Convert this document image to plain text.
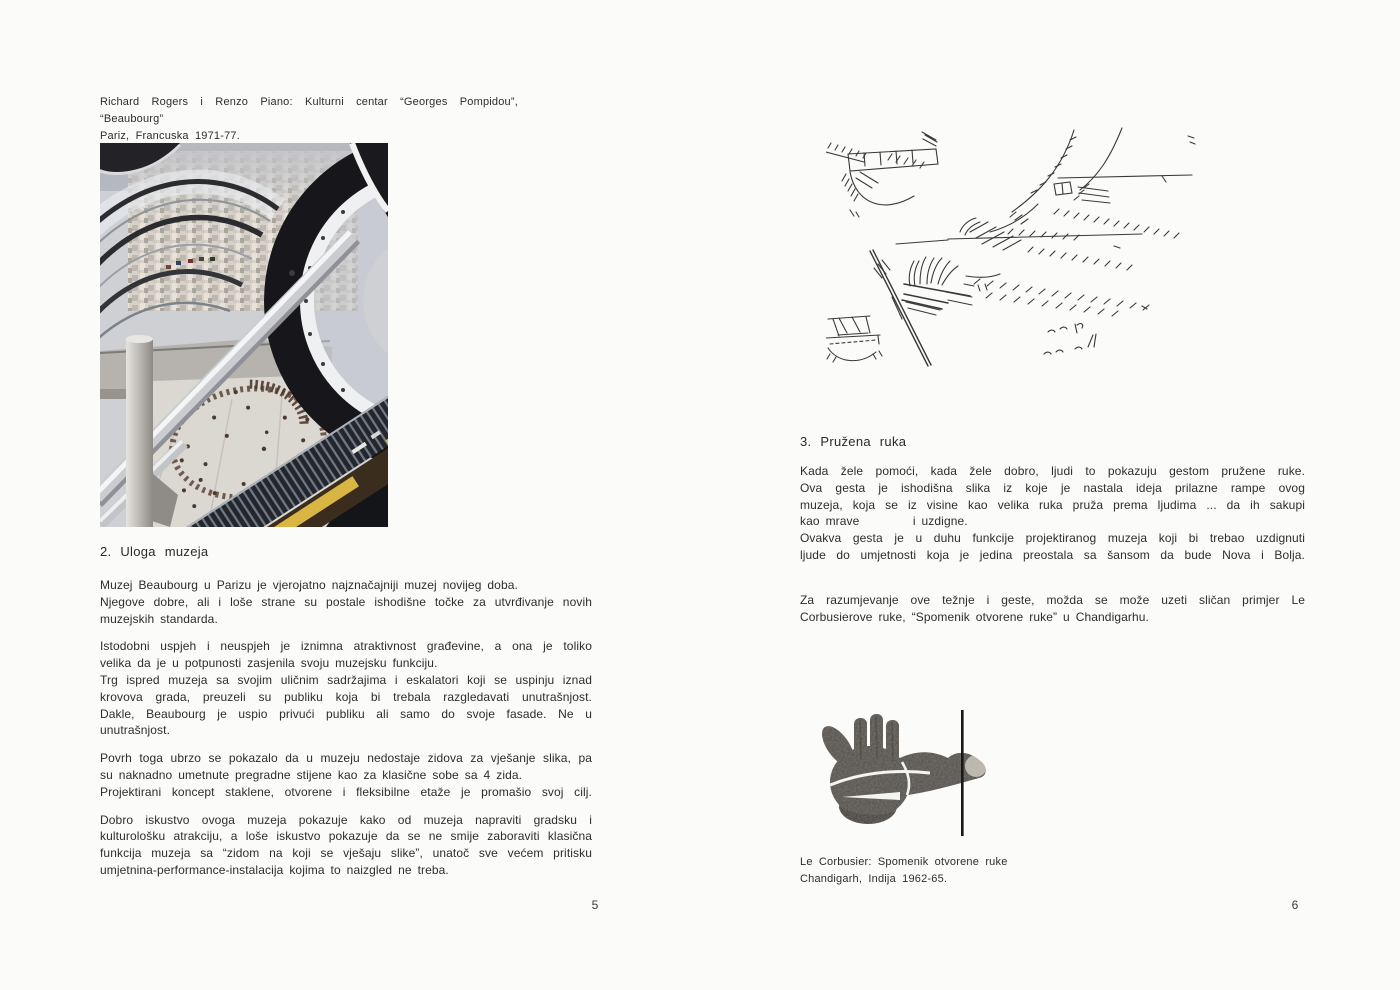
Richard Rogers i Renzo Piano: Kulturni centar “Georges Pompidou”, “Beaubourg”
Pariz, Francuska 1971-77.
2. Uloga muzeja
Muzej Beaubourg u Parizu je vjerojatno najznačajniji muzej novijeg doba.
Njegove dobre, ali i loše strane su postale ishodišne točke za utvrđivanje novih
muzejskih standarda.
Istodobni uspjeh i neuspjeh je iznimna atraktivnost građevine, a ona je toliko
velika da je u potpunosti zasjenila svoju muzejsku funkciju.
Trg ispred muzeja sa svojim uličnim sadržajima i eskalatori koji se uspinju iznad
krovova grada, preuzeli su publiku koja bi trebala razgledavati unutrašnjost.
Dakle, Beaubourg je uspio privući publiku ali samo do svoje fasade. Ne u
unutrašnjost.
Povrh toga ubrzo se pokazalo da u muzeju nedostaje zidova za vješanje slika, pa
su naknadno umetnute pregradne stijene kao za klasične sobe sa 4 zida.
Projektirani koncept staklene, otvorene i fleksibilne etaže je promašio svoj cilj.
Dobro iskustvo ovoga muzeja pokazuje kako od muzeja napraviti gradsku i
kulturološku atrakciju, a loše iskustvo pokazuje da se ne smije zaboraviti klasična
funkcija muzeja sa “zidom na koji se vješaju slike”, unatoč sve većem pritisku
umjetnina-performance-instalacija kojima to naizgled ne treba.
5
3. Pružena ruka
Kada žele pomoći, kada žele dobro, ljudi to pokazuju gestom pružene ruke.
Ova gesta je ishodišna slika iz koje je nastala ideja prilazne rampe ovog
muzeja, koja se iz visine kao velika ruka pruža prema ljudima ... da ih sakupi
kao mrave         i uzdigne.
Ovakva gesta je u duhu funkcije projektiranog muzeja koji bi trebao uzdignuti
ljude do umjetnosti koja je jedina preostala sa šansom da bude Nova i Bolja.
Za razumjevanje ove težnje i geste, možda se može uzeti sličan primjer Le
Corbusierove ruke, “Spomenik otvorene ruke” u Chandigarhu.
Le Corbusier: Spomenik otvorene ruke
Chandigarh, Indija 1962-65.
6
